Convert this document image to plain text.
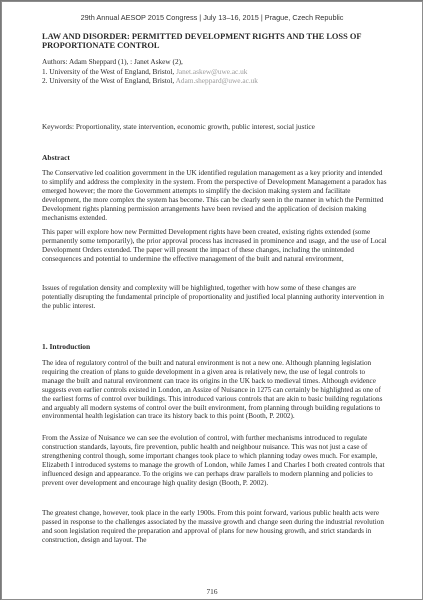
29th Annual AESOP 2015 Congress | July 13–16, 2015 | Prague, Czech Republic
LAW AND DISORDER: PERMITTED DEVELOPMENT RIGHTS AND THE LOSS OF
PROPORTIONATE CONTROL
Authors: Adam Sheppard (1), : Janet Askew (2),
1. University of the West of England, Bristol, Janet.askew@uwe.ac.uk
2. University of the West of England, Bristol, Adam.sheppard@uwe.ac.uk
Keywords: Proportionality, state intervention, economic growth, public interest, social justice
Abstract
The Conservative led coalition government in the UK identified regulation management as a key priority and intended to simplify and address the complexity in the system. From the perspective of Development Management a paradox has emerged however; the more the Government attempts to simplify the decision making system and facilitate development, the more complex the system has become. This can be clearly seen in the manner in which the Permitted Development rights planning permission arrangements have been revised and the application of decision making mechanisms extended.
This paper will explore how new Permitted Development rights have been created, existing rights extended (some permanently some temporarily), the prior approval process has increased in prominence and usage, and the use of Local Development Orders extended. The paper will present the impact of these changes, including the unintended consequences and potential to undermine the effective management of the built and natural environment,
Issues of regulation density and complexity will be highlighted, together with how some of these changes are potentially disrupting the fundamental principle of proportionality and justified local planning authority intervention in the public interest.
1. Introduction
The idea of regulatory control of the built and natural environment is not a new one. Although planning legislation requiring the creation of plans to guide development in a given area is relatively new, the use of legal controls to manage the built and natural environment can trace its origins in the UK back to medieval times. Although evidence suggests even earlier controls existed in London, an Assize of Nuisance in 1275 can certainly be highlighted as one of the earliest forms of control over buildings. This introduced various controls that are akin to basic building regulations and arguably all modern systems of control over the built environment, from planning through building regulations to environmental health legislation can trace its history back to this point (Booth, P. 2002).
From the Assize of Nuisance we can see the evolution of control, with further mechanisms introduced to regulate construction standards, layouts, fire prevention, public health and neighbour nuisance. This was not just a case of strengthening control though, some important changes took place to which planning today owes much. For example, Elizabeth I introduced systems to manage the growth of London, while James I and Charles I both created controls that influenced design and appearance. To the origins we can perhaps draw parallels to modern planning and policies to prevent over development and encourage high quality design (Booth, P. 2002).
The greatest change, however, took place in the early 1900s. From this point forward, various public health acts were passed in response to the challenges associated by the massive growth and change seen during the industrial revolution and soon legislation required the preparation and approval of plans for new housing growth, and strict standards in construction, design and layout. The
716
